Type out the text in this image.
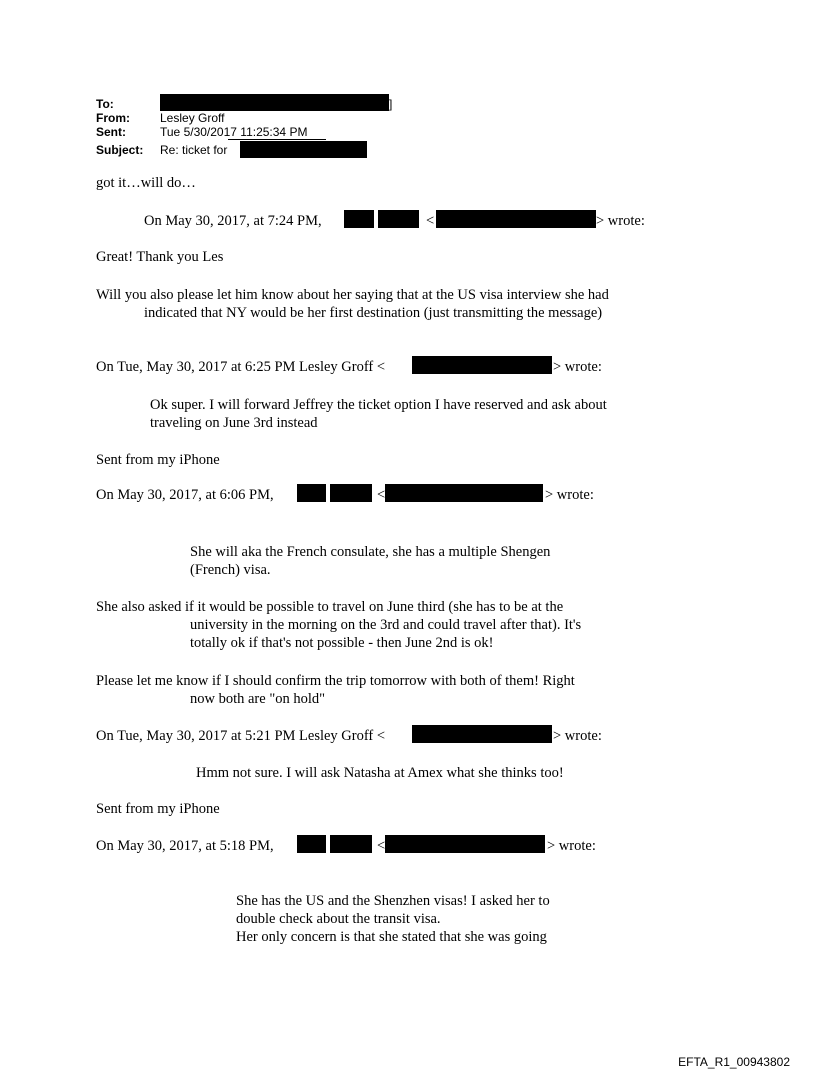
To:	]
From:	Lesley Groff
Sent:	Tue 5/30/2017 11:25:34 PM
Subject: Re: ticket for
got it…will do…
On May 30, 2017, at 7:24 PM,	<	> wrote:
Great! Thank you Les
Will you also please let him know about her saying that at the US visa interview she had
indicated that NY would be her first destination (just transmitting the message)
On Tue, May 30, 2017 at 6:25 PM Lesley Groff <	> wrote:
Ok super. I will forward Jeffrey the ticket option I have reserved and ask about
traveling on June 3rd instead
Sent from my iPhone
On May 30, 2017, at 6:06 PM,	<	> wrote:
She will aka the French consulate, she has a multiple Shengen
(French) visa.
She also asked if it would be possible to travel on June third (she has to be at the
university in the morning on the 3rd and could travel after that). It's
totally ok if that's not possible - then June 2nd is ok!
Please let me know if I should confirm the trip tomorrow with both of them! Right
now both are "on hold"
On Tue, May 30, 2017 at 5:21 PM Lesley Groff <	> wrote:
Hmm not sure. I will ask Natasha at Amex what she thinks too!
Sent from my iPhone
On May 30, 2017, at 5:18 PM,	<	> wrote:
She has the US and the Shenzhen visas! I asked her to
double check about the transit visa.
Her only concern is that she stated that she was going
EFTA_R1_00943802
